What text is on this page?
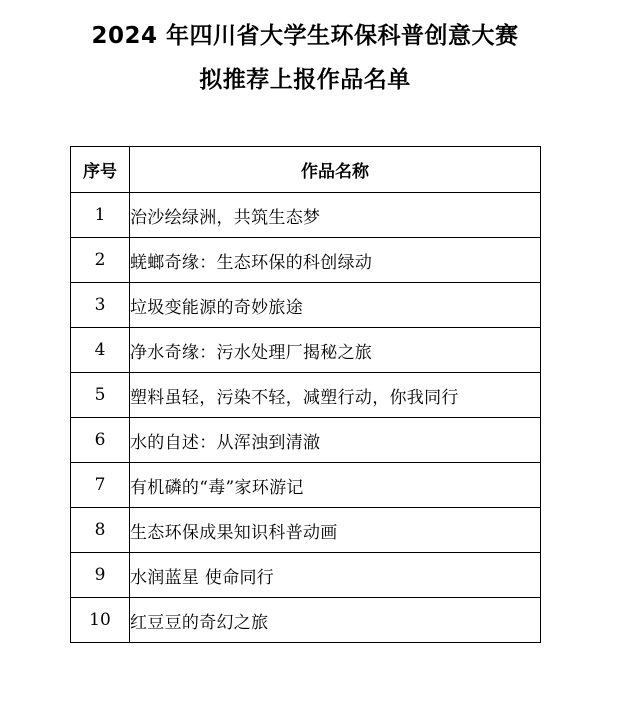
2024 年四川省大学生环保科普创意大赛
拟推荐上报作品名单
序号	作品名称
1	治沙绘绿洲，共筑生态梦
2	蜣螂奇缘：生态环保的科创绿动
3	垃圾变能源的奇妙旅途
4	净水奇缘：污水处理厂揭秘之旅
5	塑料虽轻，污染不轻，减塑行动，你我同行
6	水的自述：从浑浊到清澈
7	有机磷的“毒”家环游记
8	生态环保成果知识科普动画
9	水润蓝星 使命同行
10	红豆豆的奇幻之旅
